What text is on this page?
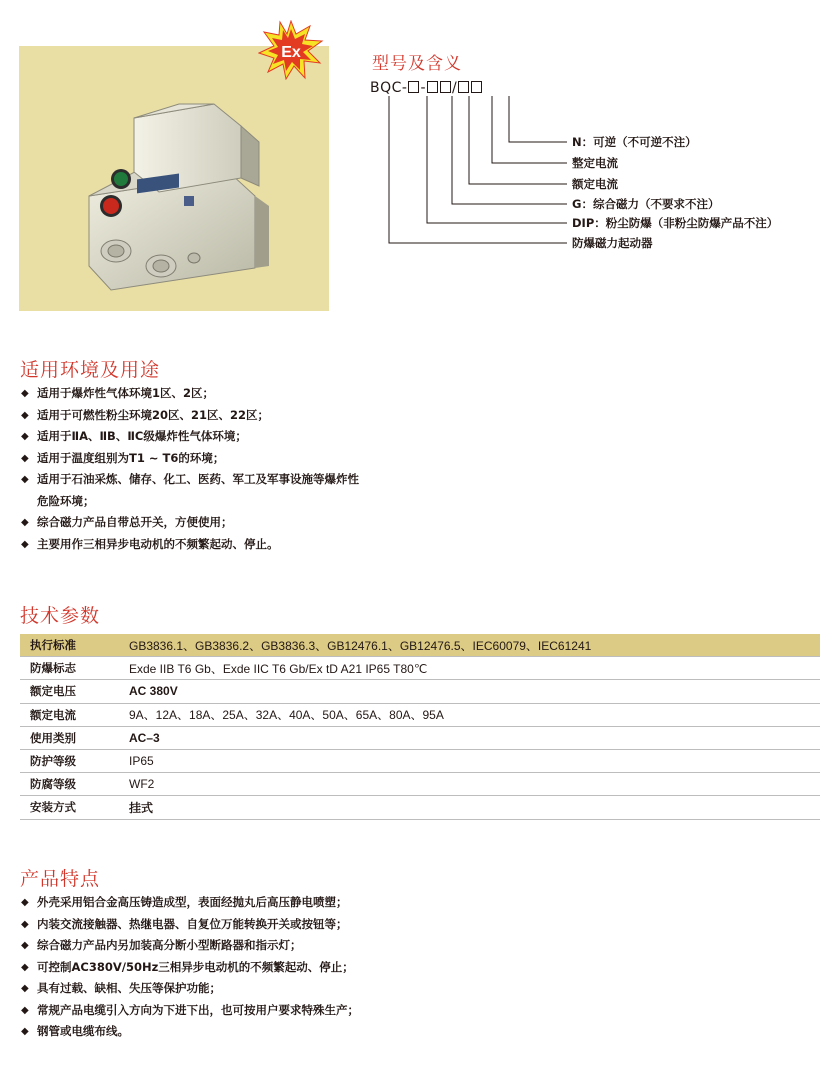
Ex
型号及含义
BQC- - /
N：可逆（不可逆不注）
整定电流
额定电流
G：综合磁力（不要求不注）
DIP：粉尘防爆（非粉尘防爆产品不注）
防爆磁力起动器
适用环境及用途
◆ 适用于爆炸性气体环境1区、2区；
◆ 适用于可燃性粉尘环境20区、21区、22区；
◆ 适用于ⅡA、ⅡB、ⅡC级爆炸性气体环境；
◆ 适用于温度组别为T1 ~ T6的环境；
◆ 适用于石油采炼、储存、化工、医药、军工及军事设施等爆炸性
危险环境；
◆ 综合磁力产品自带总开关，方便使用；
◆ 主要用作三相异步电动机的不频繁起动、停止。
技术参数
执行标准	GB3836.1、GB3836.2、GB3836.3、GB12476.1、GB12476.5、IEC60079、IEC61241
防爆标志	Exde IIB T6 Gb、Exde IIC T6 Gb/Ex tD A21 IP65 T80℃
额定电压	AC 380V
额定电流	9A、12A、18A、25A、32A、40A、50A、65A、80A、95A
使用类别	AC–3
防护等级	IP65
防腐等级	WF2
安装方式	挂式
产品特点
◆ 外壳采用铝合金高压铸造成型，表面经抛丸后高压静电喷塑；
◆ 内装交流接触器、热继电器、自复位万能转换开关或按钮等；
◆ 综合磁力产品内另加装高分断小型断路器和指示灯；
◆ 可控制AC380V/50Hz三相异步电动机的不频繁起动、停止；
◆ 具有过载、缺相、失压等保护功能；
◆ 常规产品电缆引入方向为下进下出，也可按用户要求特殊生产；
◆ 钢管或电缆布线。
